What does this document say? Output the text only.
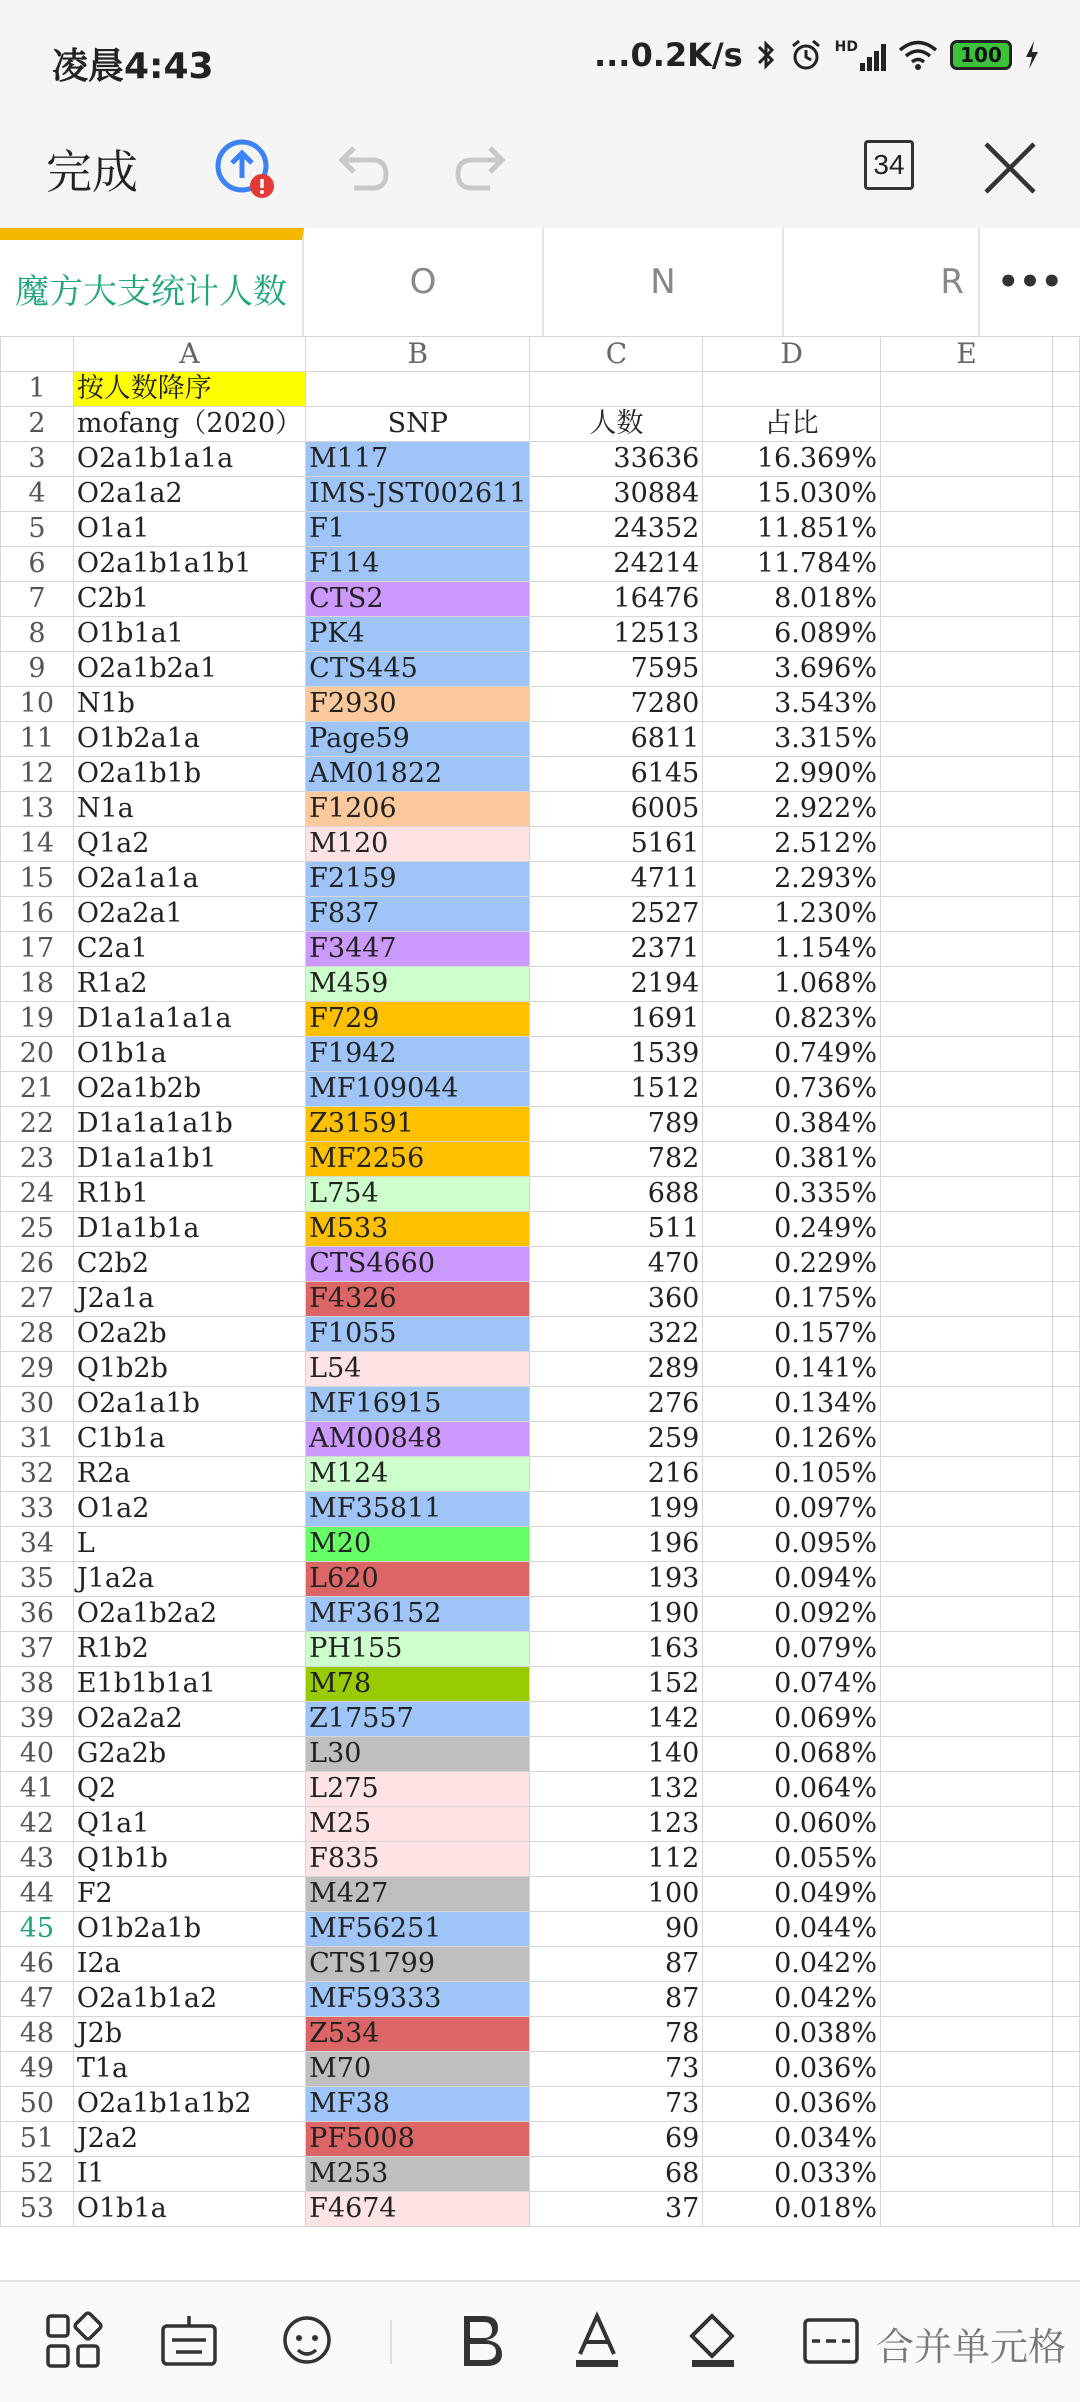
凌晨4:43	...0.2K/s	HD	100
完成	34
魔方大支统计人数	O	N	R •••
	A	B	C	D	E	
1	按人数降序					
2	mofang（2020）	SNP	人数	占比		
3	O2a1b1a1a	M117	33636	16.369%		
4	O2a1a2	IMS-JST002611	30884	15.030%		
5	O1a1	F1	24352	11.851%		
6	O2a1b1a1b1	F114	24214	11.784%		
7	C2b1	CTS2	16476	8.018%		
8	O1b1a1	PK4	12513	6.089%		
9	O2a1b2a1	CTS445	7595	3.696%		
10	N1b	F2930	7280	3.543%		
11	O1b2a1a	Page59	6811	3.315%		
12	O2a1b1b	AM01822	6145	2.990%		
13	N1a	F1206	6005	2.922%		
14	Q1a2	M120	5161	2.512%		
15	O2a1a1a	F2159	4711	2.293%		
16	O2a2a1	F837	2527	1.230%		
17	C2a1	F3447	2371	1.154%		
18	R1a2	M459	2194	1.068%		
19	D1a1a1a1a	F729	1691	0.823%		
20	O1b1a	F1942	1539	0.749%		
21	O2a1b2b	MF109044	1512	0.736%		
22	D1a1a1a1b	Z31591	789	0.384%		
23	D1a1a1b1	MF2256	782	0.381%		
24	R1b1	L754	688	0.335%		
25	D1a1b1a	M533	511	0.249%		
26	C2b2	CTS4660	470	0.229%		
27	J2a1a	F4326	360	0.175%		
28	O2a2b	F1055	322	0.157%		
29	Q1b2b	L54	289	0.141%		
30	O2a1a1b	MF16915	276	0.134%		
31	C1b1a	AM00848	259	0.126%		
32	R2a	M124	216	0.105%		
33	O1a2	MF35811	199	0.097%		
34	L	M20	196	0.095%		
35	J1a2a	L620	193	0.094%		
36	O2a1b2a2	MF36152	190	0.092%		
37	R1b2	PH155	163	0.079%		
38	E1b1b1a1	M78	152	0.074%		
39	O2a2a2	Z17557	142	0.069%		
40	G2a2b	L30	140	0.068%		
41	Q2	L275	132	0.064%		
42	Q1a1	M25	123	0.060%		
43	Q1b1b	F835	112	0.055%		
44	F2	M427	100	0.049%		
45	O1b2a1b	MF56251	90	0.044%		
46	I2a	CTS1799	87	0.042%		
47	O2a1b1a2	MF59333	87	0.042%		
48	J2b	Z534	78	0.038%		
49	T1a	M70	73	0.036%		
50	O2a1b1a1b2	MF38	73	0.036%		
51	J2a2	PF5008	69	0.034%		
52	I1	M253	68	0.033%		
53	O1b1a	F4674	37	0.018%		
合并单元格
